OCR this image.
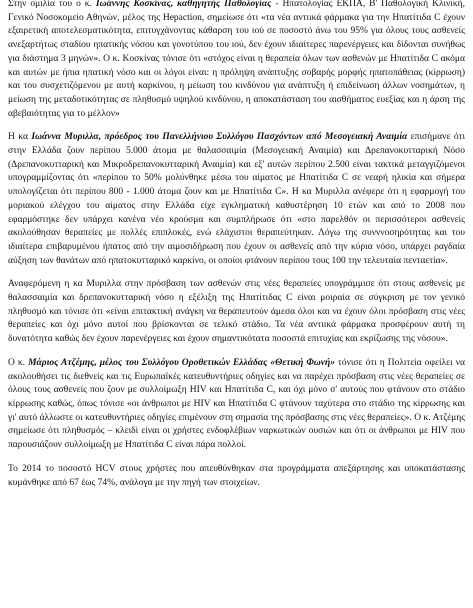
Στην ομιλία του ο κ. Ιωάννης Κοσκίνας, καθηγητής Παθολογίας - Ηπατολογίας ΕΚΠΑ, Β' Παθολογική Κλινική, Γενικό Νοσοκομείο Αθηνών, μέλος της Hepaction, σημείωσε ότι «τα νέα αντιικά φάρμακα για την Ηπατίτιδα C έχουν εξαιρετική αποτελεσματικότητα, επιτυγχάνοντας κάθαρση του ιού σε ποσοστό άνω του 95% για όλους τους ασθενείς ανεξαρτήτως σταδίου ηπατικής νόσου και γονοτύπου του ιού, δεν έχουν ιδιαίτερες παρενέργειες και δίδονται συνήθως για διάστημα 3 μηνών». Ο κ. Κοσκίνας τόνισε ότι «στόχος είναι η θεραπεία όλων των ασθενών με Ηπατίτιδα C ακόμα και αυτών με ήπια ηπατική νόσο και οι λόγοι είναι: η πρόληψη ανάπτυξης σοβαρής μορφής ηπατοπάθειας (κίρρωση) και του συσχετιζόμενου με αυτή καρκίνου, η μείωση του κινδύνου για ανάπτυξη ή επιδείνωση άλλων νοσημάτων, η μείωση της μεταδοτικότητας σε πληθυσμό υψηλού κινδύνου, η αποκατάσταση του αισθήματος ευεξίας και η άρση της αβεβαιότητας για το μέλλον»

Η κα Ιωάννα Μυριλλα, πρόεδρος του Πανελλήνιου Συλλόγου Πασχόντων από Μεσογειακή Αναιμία επισήμανε ότι στην Ελλάδα ζουν περίπου 5.000 άτομα με θαλασσαιμία (Μεσογειακή Αναιμία) και Δρεπανοκυτταρική Νόσο (Δρεπανοκυτταρική και Μικροδρεπανοκυτταρική Αναιμία) και εξ' αυτών περίπου 2.500 είναι τακτικά μεταγγιζόμενοι υπογραμμίζοντας ότι «περίπου το 50% μολύνθηκε μέσω του αίματος με Ηπατίτιδα C σε νεαρή ηλικία και σήμερα υπολογίζεται ότι περίπου 800 - 1.000 άτομα ζουν και με Ηπατίτιδα C». Η κα Μυριλλα ανέφερε ότι η εφαρμογή του μοριακού ελέγχου του αίματος στην Ελλάδα είχε εγκληματική καθυστέρηση 10 ετών και από το 2008 που εφαρμόστηκε δεν υπάρχει κανένα νέο κρούσμα και συμπλήρωσε ότι «στο παρελθόν οι περισσότεροι ασθενείς ακολούθησαν θεραπείες με πολλές επιπλοκές, ενώ ελάχιστοι θεραπεύτηκαν. Λόγω της συνννοσηρότητας και του ιδιαίτερα επιβαρυμένου ήπατος από την αιμοσιδήρωση που έχουν οι ασθενείς από την κύρια νόσο, υπάρχει ραγδαία αύξηση των θανάτων από ηπατοκυτταρικό καρκίνο, οι οποίοι φτάνουν περίπου τους 100 την τελευταία πενταετία».

Αναφερόμενη η κα Μυριλλα στην πρόσβαση των ασθενών στις νέες θεραπείες υπογράμμισε ότι στους ασθενείς με θαλασσαιμία και δρεπανοκυτταρική νόσο η εξέλιξη της Ηπατίτιδας C είναι μοιραία σε σύγκριση με τον γενικό πληθυσμό και τόνισε ότι «είναι επιτακτική ανάγκη να θεραπευτούν άμεσα όλοι και να έχουν όλοι πρόσβαση στις νέες θεραπείες και όχι μόνο αυτοί που βρίσκονται σε τελικό στάδιο. Τα νέα αντιικά φάρμακα προσφέρουν αυτή τη δυνατότητα καθώς δεν έχουν παρενέργειες και έχουν σημαντικότατα ποσοστά επιτυχίας και εκρίζωσης της νόσου».

Ο κ. Μάριος Ατζέμης, μέλος του Συλλόγου Οροθετικών Ελλάδας «Θετική Φωνή» τόνισε ότι η Πολιτεία οφείλει να ακολουθήσει τις διεθνείς και τις Ευρωπαϊκές κατευθυντήριες οδηγίες και να παρέχει πρόσβαση στις νέες θεραπείες σε όλους τους ασθενείς που ζουν με συλλοίμωξη HIV και Ηπατίτιδα C, και όχι μόνο σ' αυτούς που φτάνουν στο στάδιο κίρρωσης καθώς, όπως τόνισε «οι άνθρωποι με HIV και Ηπατίτιδα C φτάνουν ταχύτερα στο στάδιο της κίρρωσης και γι' αυτό άλλωστε οι κατευθυντήριες οδηγίες επιμένουν στη σημασία της πρόσβασης στις νέες θεραπείες». Ο κ. Ατζέμης σημείωσε ότι πληθυσμός – κλειδί είναι οι χρήστες ενδοφλέβιων ναρκωτικών ουσιών και ότι οι άνθρωποι με HIV που παρουσιάζουν συλλοίμωξη με Ηπατίτιδα C είναι πάρα πολλοί.

Το 2014 το ποσοστό HCV στους χρήστες που απευθύνθηκαν στα προγράμματα απεξάρτησης και υποκατάστασης κυμάνθηκε από 67 έως 74%, ανάλογα με την πηγή των στοιχείων.
